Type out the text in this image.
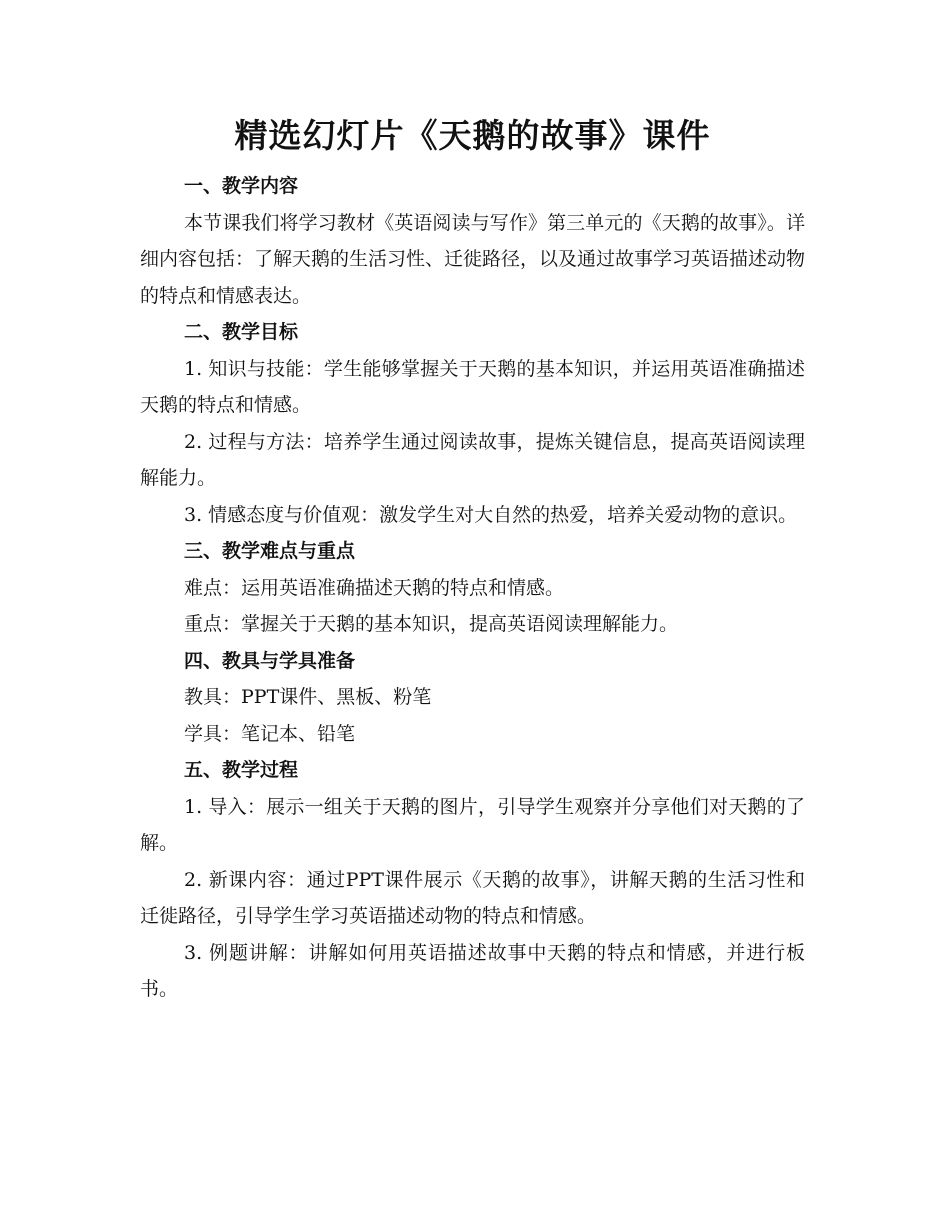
精选幻灯片《天鹅的故事》课件

一、教学内容

本节课我们将学习教材《英语阅读与写作》第三单元的《天鹅的故事》。详细内容包括：了解天鹅的生活习性、迁徙路径，以及通过故事学习英语描述动物的特点和情感表达。

二、教学目标

1. 知识与技能：学生能够掌握关于天鹅的基本知识，并运用英语准确描述天鹅的特点和情感。

2. 过程与方法：培养学生通过阅读故事，提炼关键信息，提高英语阅读理解能力。

3. 情感态度与价值观：激发学生对大自然的热爱，培养关爱动物的意识。

三、教学难点与重点

难点：运用英语准确描述天鹅的特点和情感。

重点：掌握关于天鹅的基本知识，提高英语阅读理解能力。

四、教具与学具准备

教具：PPT课件、黑板、粉笔

学具：笔记本、铅笔

五、教学过程

1. 导入：展示一组关于天鹅的图片，引导学生观察并分享他们对天鹅的了解。

2. 新课内容：通过PPT课件展示《天鹅的故事》，讲解天鹅的生活习性和迁徙路径，引导学生学习英语描述动物的特点和情感。

3. 例题讲解：讲解如何用英语描述故事中天鹅的特点和情感，并进行板书。
